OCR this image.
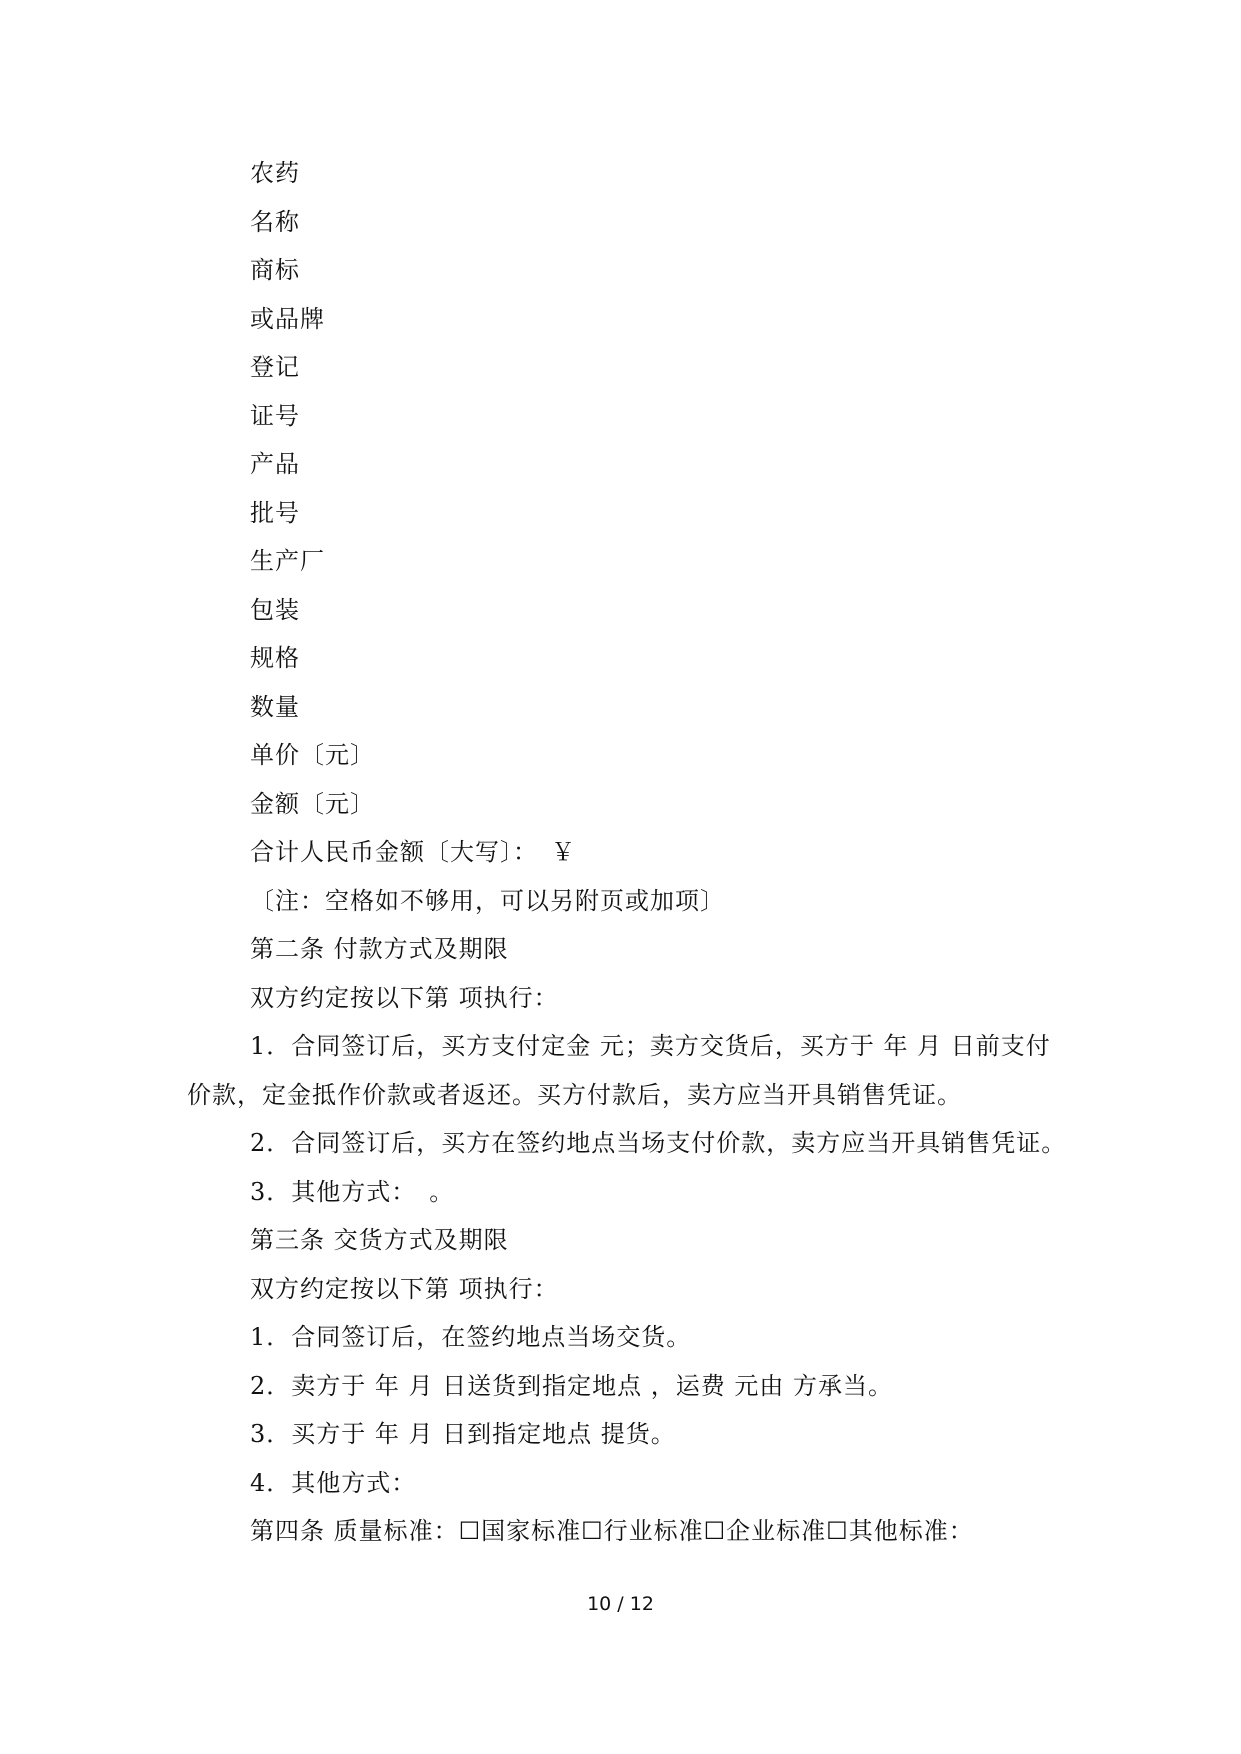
农药
名称
商标
或品牌
登记
证号
产品
批号
生产厂
包装
规格
数量
单价〔元〕
金额〔元〕
合计人民币金额〔大写〕：　￥
〔注：空格如不够用，可以另附页或加项〕
第二条 付款方式及期限
双方约定按以下第 项执行：
1．合同签订后，买方支付定金 元；卖方交货后，买方于 年 月 日前支付
价款，定金抵作价款或者返还。买方付款后，卖方应当开具销售凭证。
2．合同签订后，买方在签约地点当场支付价款，卖方应当开具销售凭证。
3．其他方式：　。
第三条 交货方式及期限
双方约定按以下第 项执行：
1．合同签订后，在签约地点当场交货。
2．卖方于 年 月 日送货到指定地点 ，运费 元由 方承当。
3．买方于 年 月 日到指定地点 提货。
4．其他方式：
第四条 质量标准：☐国家标准☐行业标准☐企业标准☐其他标准：
10 / 12
